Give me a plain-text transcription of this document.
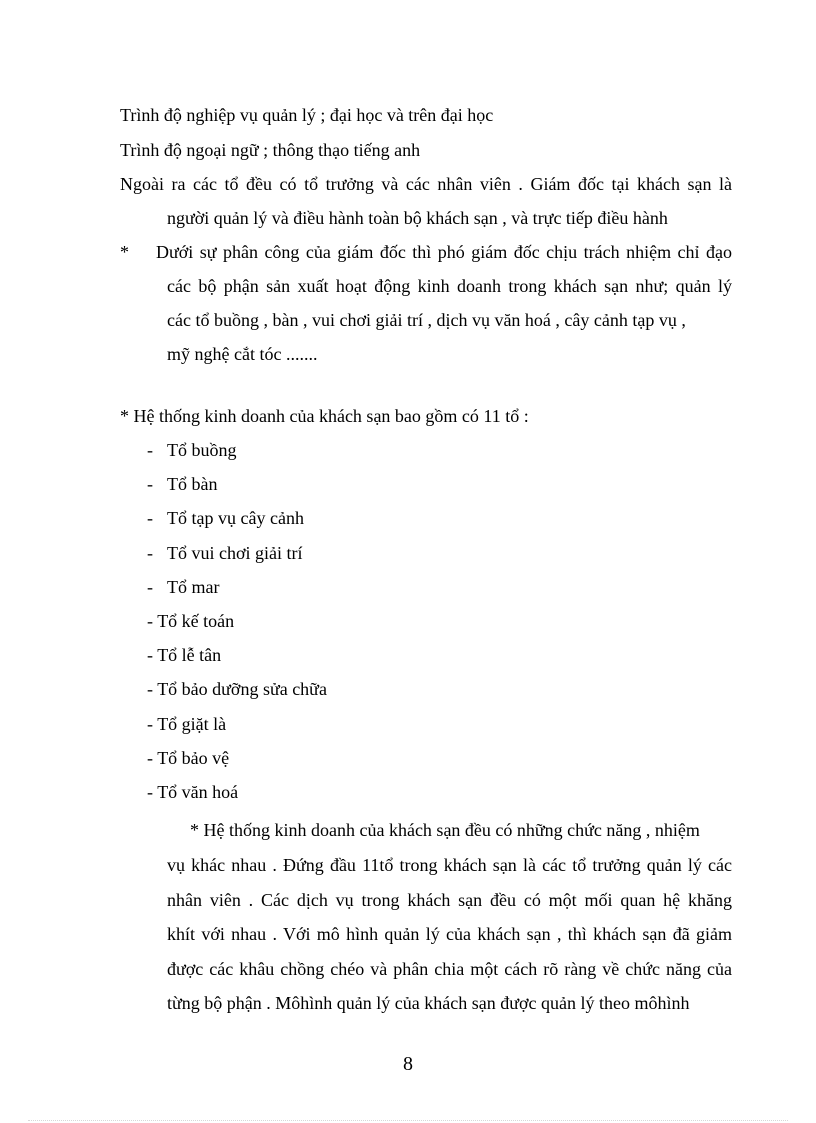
Trình độ nghiệp vụ quản lý ; đại học và trên đại học
Trình độ ngoại ngữ ; thông thạo tiếng anh
Ngoài ra các tổ đều có tổ trưởng và các nhân viên . Giám đốc tại khách sạn là
người quản lý và điều hành toàn bộ khách sạn , và trực tiếp điều hành
* Dưới sự phân công của giám đốc thì phó giám đốc chịu trách nhiệm chỉ đạo
các bộ phận sản xuất hoạt động kinh doanh trong khách sạn như; quản lý
các tổ buồng , bàn , vui chơi giải trí , dịch vụ văn hoá , cây cảnh tạp vụ ,
mỹ nghệ cắt tóc .......
* Hệ thống kinh doanh của khách sạn bao gồm có 11 tổ :
- Tổ buồng
- Tổ bàn
- Tổ tạp vụ cây cảnh
- Tổ vui chơi giải trí
- Tổ mar
- Tổ kế toán
- Tổ lễ tân
- Tổ bảo dưỡng sửa chữa
- Tổ giặt là
- Tổ bảo vệ
- Tổ văn hoá
* Hệ thống kinh doanh của khách sạn đều có những chức năng , nhiệm
vụ khác nhau . Đứng đầu 11tổ trong khách sạn là các tổ trưởng quản lý các
nhân viên . Các dịch vụ trong khách sạn đều có một mối quan hệ khăng
khít với nhau . Với mô hình quản lý của khách sạn , thì khách sạn đã giảm
được các khâu chồng chéo và phân chia một cách rõ ràng về chức năng của
từng bộ phận . Môhình quản lý của khách sạn được quản lý theo môhình
8
